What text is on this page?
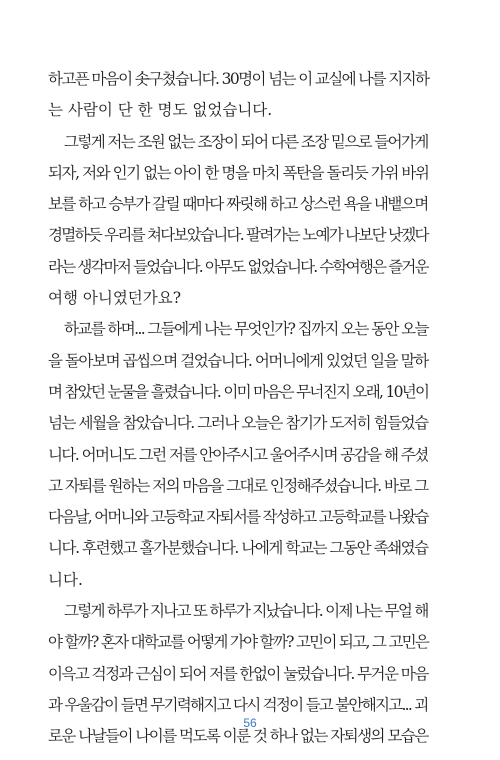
하고픈 마음이 솟구쳤습니다. 30명이 넘는 이 교실에 나를 지지하
는 사람이 단 한 명도 없었습니다.
그렇게 저는 조원 없는 조장이 되어 다른 조장 밑으로 들어가게
되자, 저와 인기 없는 아이 한 명을 마치 폭탄을 돌리듯 가위 바위
보를 하고 승부가 갈릴 때마다 짜릿해 하고 상스런 욕을 내뱉으며
경멸하듯 우리를 쳐다보았습니다. 팔려가는 노예가 나보단 낫겠다
라는 생각마저 들었습니다. 아무도 없었습니다. 수학여행은 즐거운
여행 아니였던가요?
하교를 하며... 그들에게 나는 무엇인가? 집까지 오는 동안 오늘
을 돌아보며 곱씹으며 걸었습니다. 어머니에게 있었던 일을 말하
며 참았던 눈물을 흘렸습니다. 이미 마음은 무너진지 오래, 10년이
넘는 세월을 참았습니다. 그러나 오늘은 참기가 도저히 힘들었습
니다. 어머니도 그런 저를 안아주시고 울어주시며 공감을 해 주셨
고 자퇴를 원하는 저의 마음을 그대로 인정해주셨습니다. 바로 그
다음날, 어머니와 고등학교 자퇴서를 작성하고 고등학교를 나왔습
니다. 후련했고 홀가분했습니다. 나에게 학교는 그동안 족쇄였습
니다.
그렇게 하루가 지나고 또 하루가 지났습니다. 이제 나는 무얼 해
야 할까? 혼자 대학교를 어떻게 가야 할까? 고민이 되고, 그 고민은
이윽고 걱정과 근심이 되어 저를 한없이 눌렀습니다. 무거운 마음
과 우울감이 들면 무기력해지고 다시 걱정이 들고 불안해지고... 괴
로운 나날들이 나이를 먹도록 이룬 것 하나 없는 자퇴생의 모습은
56
